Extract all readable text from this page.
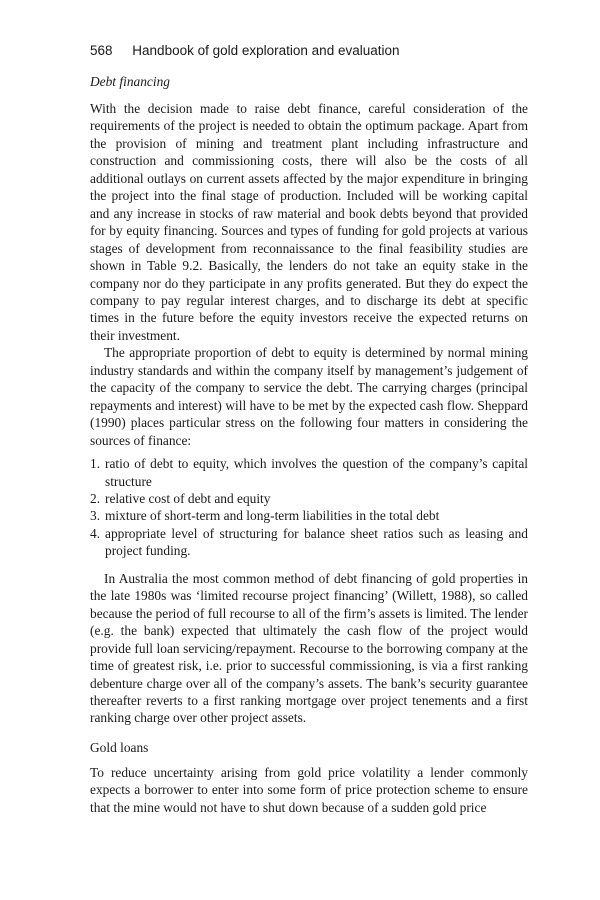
568 Handbook of gold exploration and evaluation
Debt financing

With the decision made to raise debt finance, careful consideration of the requirements of the project is needed to obtain the optimum package. Apart from the provision of mining and treatment plant including infrastructure and construction and commissioning costs, there will also be the costs of all additional outlays on current assets affected by the major expenditure in bringing the project into the final stage of production. Included will be working capital and any increase in stocks of raw material and book debts beyond that provided for by equity financing. Sources and types of funding for gold projects at various stages of development from reconnaissance to the final feasibility studies are shown in Table 9.2. Basically, the lenders do not take an equity stake in the company nor do they participate in any profits generated. But they do expect the company to pay regular interest charges, and to discharge its debt at specific times in the future before the equity investors receive the expected returns on their investment.

The appropriate proportion of debt to equity is determined by normal mining industry standards and within the company itself by management’s judgement of the capacity of the company to service the debt. The carrying charges (principal repayments and interest) will have to be met by the expected cash flow. Sheppard (1990) places particular stress on the following four matters in considering the sources of finance:

1. ratio of debt to equity, which involves the question of the company’s capital structure
2. relative cost of debt and equity
3. mixture of short-term and long-term liabilities in the total debt
4. appropriate level of structuring for balance sheet ratios such as leasing and project funding.

In Australia the most common method of debt financing of gold properties in the late 1980s was ‘limited recourse project financing’ (Willett, 1988), so called because the period of full recourse to all of the firm’s assets is limited. The lender (e.g. the bank) expected that ultimately the cash flow of the project would provide full loan servicing/repayment. Recourse to the borrowing company at the time of greatest risk, i.e. prior to successful commissioning, is via a first ranking debenture charge over all of the company’s assets. The bank’s security guarantee thereafter reverts to a first ranking mortgage over project tenements and a first ranking charge over other project assets.

Gold loans

To reduce uncertainty arising from gold price volatility a lender commonly expects a borrower to enter into some form of price protection scheme to ensure that the mine would not have to shut down because of a sudden gold price
